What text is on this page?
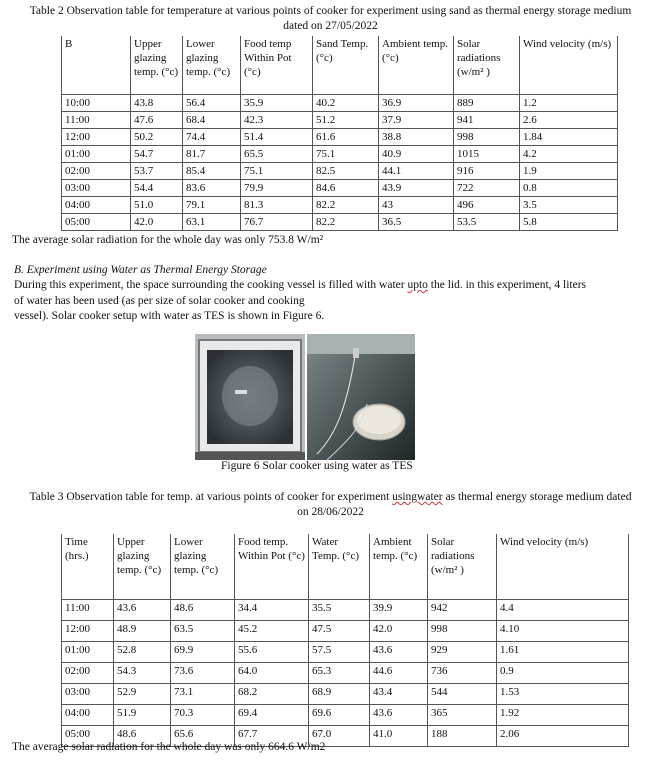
Table 2 Observation table for temperature at various points of cooker for experiment using sand as thermal energy storage medium
dated on 27/05/2022
B	Upper glazing temp. (°c)	Lower glazing temp. (°c)	Food temp Within Pot (°c)	Sand Temp. (°c)	Ambient temp. (°c)	Solar radiations (w/m² )	Wind velocity (m/s)
10:00	43.8	56.4	35.9	40.2	36.9	889	1.2
11:00	47.6	68.4	42.3	51.2	37.9	941	2.6
12:00	50.2	74.4	51.4	61.6	38.8	998	1.84
01:00	54.7	81.7	65.5	75.1	40.9	1015	4.2
02:00	53.7	85.4	75.1	82.5	44.1	916	1.9
03:00	54.4	83.6	79.9	84.6	43.9	722	0.8
04:00	51.0	79.1	81.3	82.2	43	496	3.5
05:00	42.0	63.1	76.7	82.2	36.5	53.5	5.8
The average solar radiation for the whole day was only 753.8 W/m²
B. Experiment using Water as Thermal Energy Storage
During this experiment, the space surrounding the cooking vessel is filled with water upto the lid. in this experiment, 4 liters
of water has been used (as per size of solar cooker and cooking
vessel). Solar cooker setup with water as TES is shown in Figure 6.
Figure 6 Solar cooker using water as TES
Table 3 Observation table for temp. at various points of cooker for experiment usingwater as thermal energy storage medium dated
on 28/06/2022
Time (hrs.)	Upper glazing temp. (°c)	Lower glazing temp. (°c)	Food temp. Within Pot (°c)	Water Temp. (°c)	Ambient temp. (°c)	Solar radiations (w/m² )	Wind velocity (m/s)
11:00	43.6	48.6	34.4	35.5	39.9	942	4.4
12:00	48.9	63.5	45.2	47.5	42.0	998	4.10
01:00	52.8	69.9	55.6	57.5	43.6	929	1.61
02:00	54.3	73.6	64.0	65.3	44.6	736	0.9
03:00	52.9	73.1	68.2	68.9	43.4	544	1.53
04:00	51.9	70.3	69.4	69.6	43.6	365	1.92
05:00	48.6	65.6	67.7	67.0	41.0	188	2.06
The average solar radiation for the whole day was only 664.6 W/m2
